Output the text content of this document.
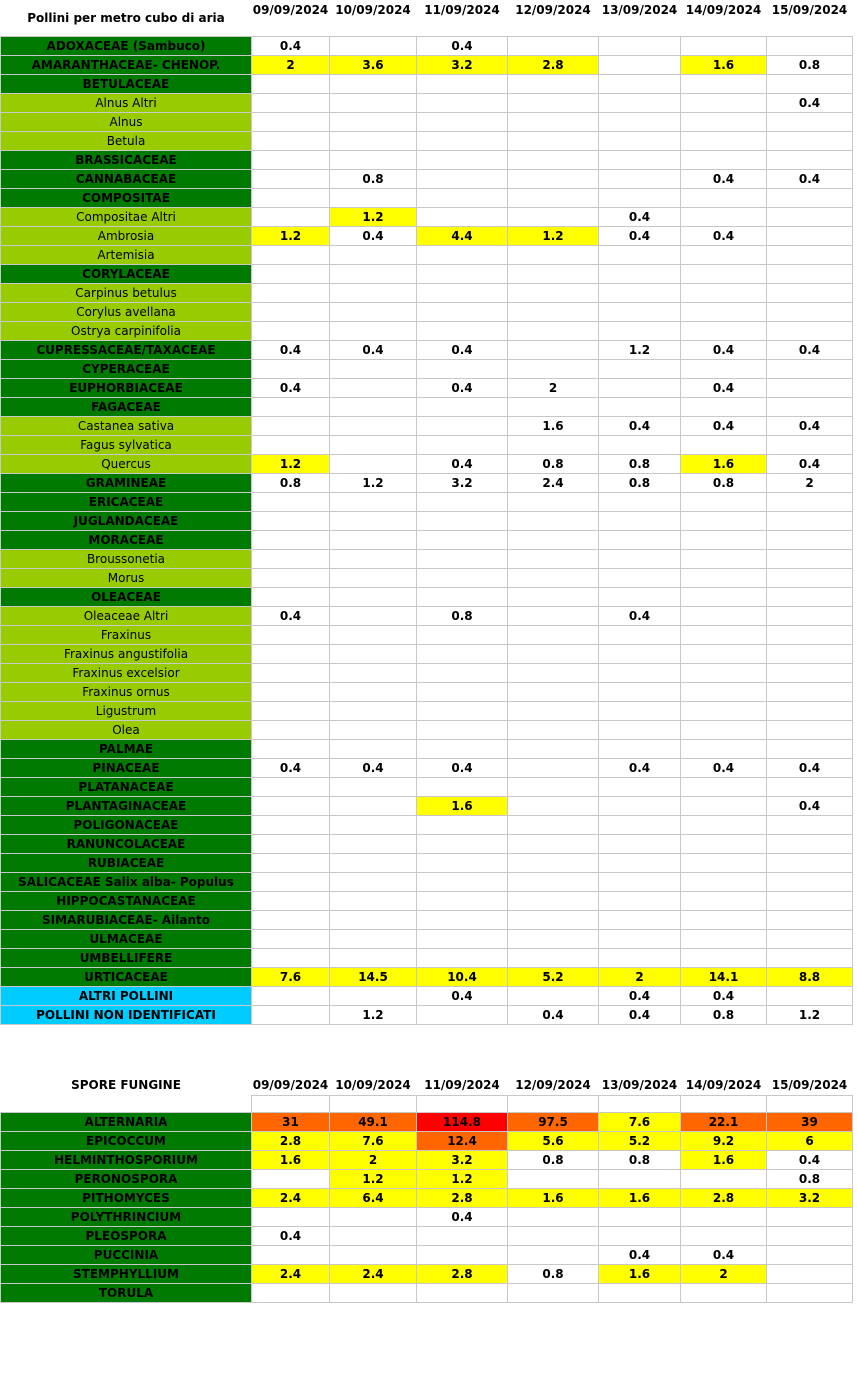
Pollini per metro cubo di aria	09/09/2024	10/09/2024	11/09/2024	12/09/2024	13/09/2024	14/09/2024	15/09/2024
ADOXACEAE (Sambuco)	0.4		0.4				
AMARANTHACEAE- CHENOP.	2	3.6	3.2	2.8		1.6	0.8
BETULACEAE							
Alnus Altri							0.4
Alnus							
Betula							
BRASSICACEAE							
CANNABACEAE		0.8				0.4	0.4
COMPOSITAE							
Compositae Altri		1.2			0.4		
Ambrosia	1.2	0.4	4.4	1.2	0.4	0.4	
Artemisia							
CORYLACEAE							
Carpinus betulus							
Corylus avellana							
Ostrya carpinifolia							
CUPRESSACEAE/TAXACEAE	0.4	0.4	0.4		1.2	0.4	0.4
CYPERACEAE							
EUPHORBIACEAE	0.4		0.4	2		0.4	
FAGACEAE							
Castanea sativa				1.6	0.4	0.4	0.4
Fagus sylvatica							
Quercus	1.2		0.4	0.8	0.8	1.6	0.4
GRAMINEAE	0.8	1.2	3.2	2.4	0.8	0.8	2
ERICACEAE							
JUGLANDACEAE							
MORACEAE							
Broussonetia							
Morus							
OLEACEAE							
Oleaceae Altri	0.4		0.8		0.4		
Fraxinus							
Fraxinus angustifolia							
Fraxinus excelsior							
Fraxinus ornus							
Ligustrum							
Olea							
PALMAE							
PINACEAE	0.4	0.4	0.4		0.4	0.4	0.4
PLATANACEAE							
PLANTAGINACEAE			1.6				0.4
POLIGONACEAE							
RANUNCOLACEAE							
RUBIACEAE							
SALICACEAE Salix alba- Populus							
HIPPOCASTANACEAE							
SIMARUBIACEAE- Ailanto							
ULMACEAE							
UMBELLIFERE							
URTICACEAE	7.6	14.5	10.4	5.2	2	14.1	8.8
ALTRI POLLINI			0.4		0.4	0.4	
POLLINI NON IDENTIFICATI		1.2		0.4	0.4	0.8	1.2
SPORE FUNGINE	09/09/2024	10/09/2024	11/09/2024	12/09/2024	13/09/2024	14/09/2024	15/09/2024

ALTERNARIA	31	49.1	114.8	97.5	7.6	22.1	39
EPICOCCUM	2.8	7.6	12.4	5.6	5.2	9.2	6
HELMINTHOSPORIUM	1.6	2	3.2	0.8	0.8	1.6	0.4
PERONOSPORA		1.2	1.2				0.8
PITHOMYCES	2.4	6.4	2.8	1.6	1.6	2.8	3.2
POLYTHRINCIUM			0.4				
PLEOSPORA	0.4						
PUCCINIA					0.4	0.4	
STEMPHYLLIUM	2.4	2.4	2.8	0.8	1.6	2	
TORULA							
